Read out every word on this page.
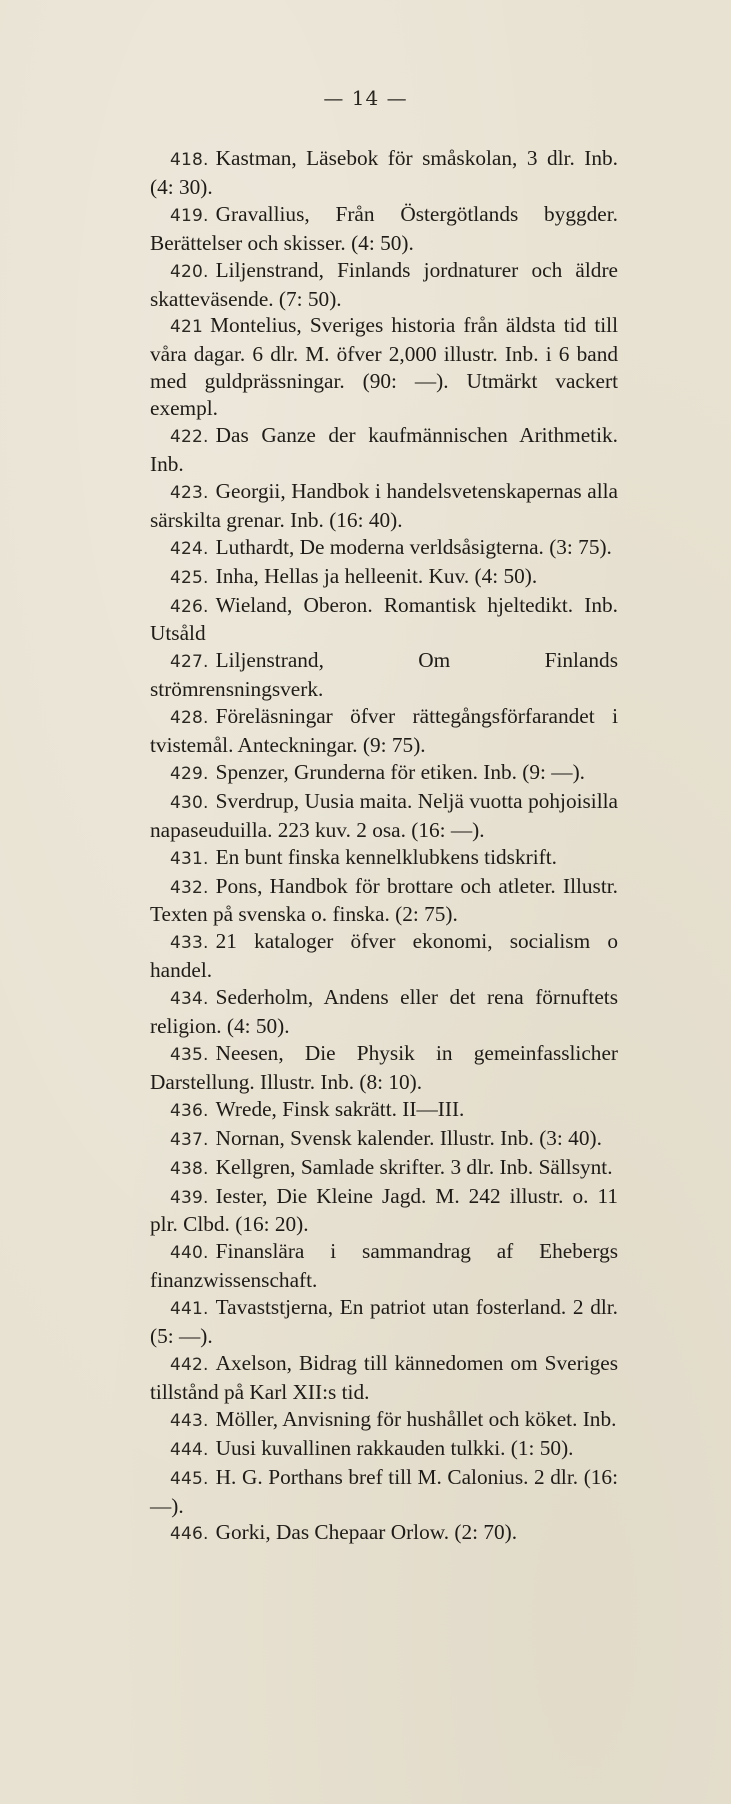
— 14 —

418. Kastman, Läsebok för småskolan, 3 dlr. Inb. (4: 30).

419. Gravallius, Från Östergötlands byggder. Berättelser och skisser. (4: 50).

420. Liljenstrand, Finlands jordnaturer och äldre skatteväsende. (7: 50).

421 Montelius, Sveriges historia från äldsta tid till våra dagar. 6 dlr. M. öfver 2,000 illustr. Inb. i 6 band med guldprässningar. (90: —). Utmärkt vackert exempl.

422. Das Ganze der kaufmännischen Arithmetik. Inb.

423. Georgii, Handbok i handelsvetenskapernas alla särskilta grenar. Inb. (16: 40).

424. Luthardt, De moderna verldsåsigterna. (3: 75).

425. Inha, Hellas ja helleenit. Kuv. (4: 50).

426. Wieland, Oberon. Romantisk hjeltedikt. Inb. Utsåld

427. Liljenstrand, Om Finlands strömrensningsverk.

428. Föreläsningar öfver rättegångsförfarandet i tvistemål. Anteckningar. (9: 75).

429. Spenzer, Grunderna för etiken. Inb. (9: —).

430. Sverdrup, Uusia maita. Neljä vuotta pohjoisilla napaseuduilla. 223 kuv. 2 osa. (16: —).

431. En bunt finska kennelklubkens tidskrift.

432. Pons, Handbok för brottare och atleter. Illustr. Texten på svenska o. finska. (2: 75).

433. 21 kataloger öfver ekonomi, socialism o handel.

434. Sederholm, Andens eller det rena förnuftets religion. (4: 50).

435. Neesen, Die Physik in gemeinfasslicher Darstellung. Illustr. Inb. (8: 10).

436. Wrede, Finsk sakrätt. II—III.

437. Nornan, Svensk kalender. Illustr. Inb. (3: 40).

438. Kellgren, Samlade skrifter. 3 dlr. Inb. Sällsynt.

439. Iester, Die Kleine Jagd. M. 242 illustr. o. 11 plr. Clbd. (16: 20).

440. Finanslära i sammandrag af Ehebergs finanzwissenschaft.

441. Tavaststjerna, En patriot utan fosterland. 2 dlr. (5: —).

442. Axelson, Bidrag till kännedomen om Sveriges tillstånd på Karl XII:s tid.

443. Möller, Anvisning för hushållet och köket. Inb.

444. Uusi kuvallinen rakkauden tulkki. (1: 50).

445. H. G. Porthans bref till M. Calonius. 2 dlr. (16: —).

446. Gorki, Das Chepaar Orlow. (2: 70).
